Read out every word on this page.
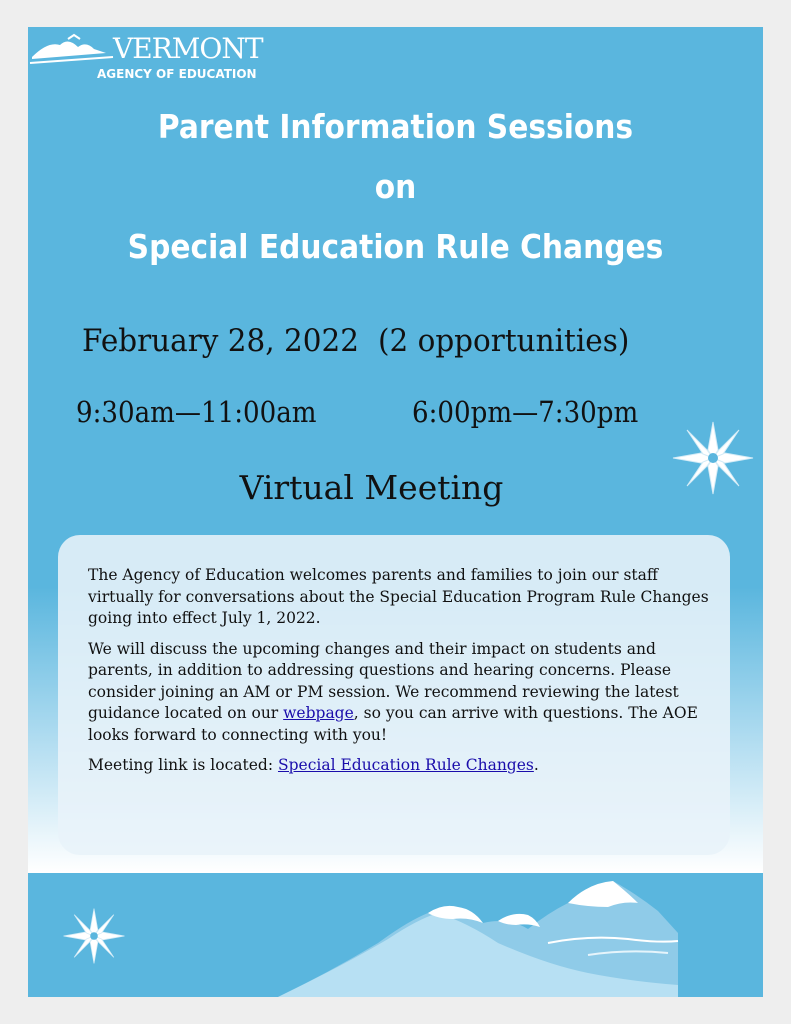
VERMONT
AGENCY OF EDUCATION
Parent Information Sessions
on
Special Education Rule Changes
February 28, 2022 (2 opportunities)
9:30am—11:00am	6:00pm—7:30pm
Virtual Meeting

The Agency of Education welcomes parents and families to join our staff virtually for conversations about the Special Education Program Rule Changes going into effect July 1, 2022.

We will discuss the upcoming changes and their impact on students and parents, in addition to addressing questions and hearing concerns. Please consider joining an AM or PM session. We recommend reviewing the latest guidance located on our webpage, so you can arrive with questions. The AOE looks forward to connecting with you!

Meeting link is located: Special Education Rule Changes.
